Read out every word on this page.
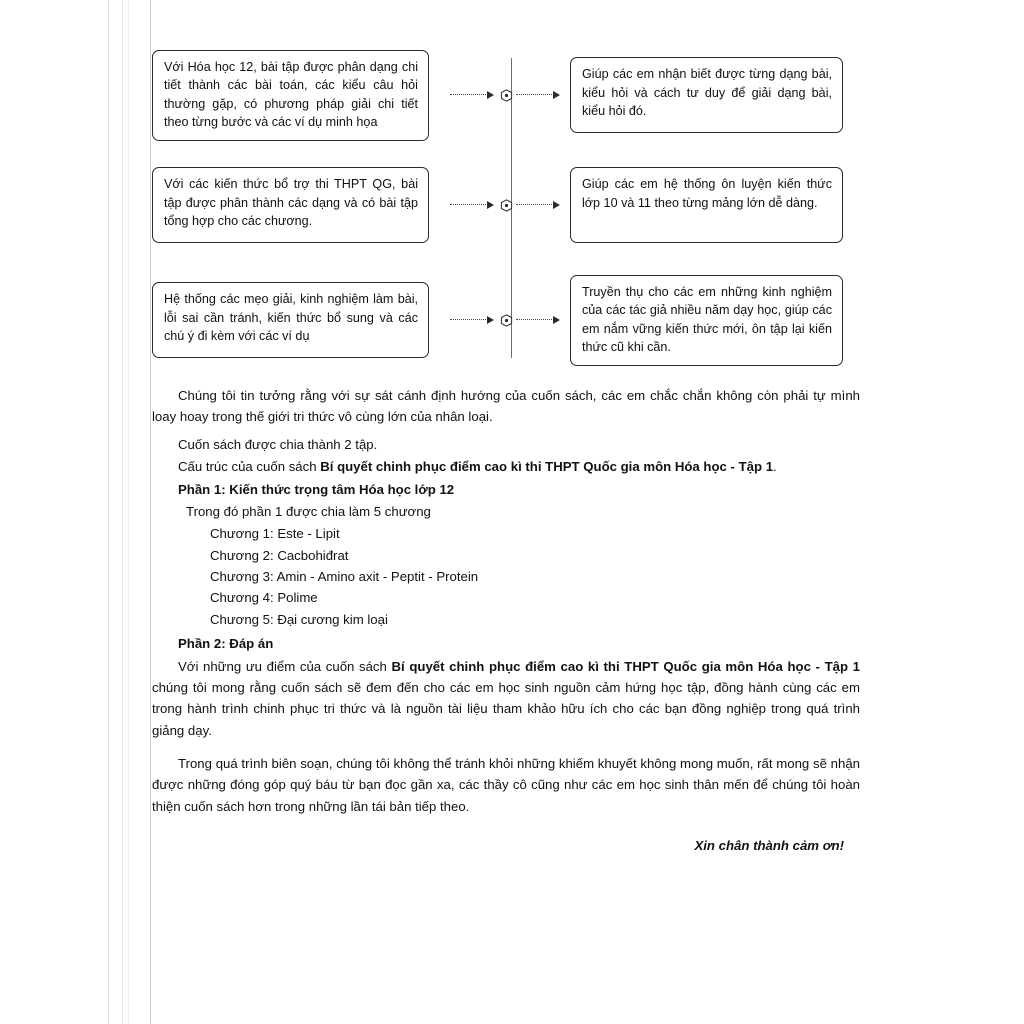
Với Hóa học 12, bài tập được phân dạng chi tiết thành các bài toán, các kiểu câu hỏi thường gặp, có phương pháp giải chi tiết theo từng bước và các ví dụ minh họa
Giúp các em nhận biết được từng dạng bài, kiểu hỏi và cách tư duy để giải dạng bài, kiểu hỏi đó.
Với các kiến thức bổ trợ thi THPT QG, bài tập được phân thành các dạng và có bài tập tổng hợp cho các chương.
Giúp các em hệ thống ôn luyện kiến thức lớp 10 và 11 theo từng mảng lớn dễ dàng.
Hệ thống các mẹo giải, kinh nghiệm làm bài, lỗi sai cần tránh, kiến thức bổ sung và các chú ý đi kèm với các ví dụ
Truyền thụ cho các em những kinh nghiệm của các tác giả nhiều năm dạy học, giúp các em nắm vững kiến thức mới, ôn tập lại kiến thức cũ khi cần.

Chúng tôi tin tưởng rằng với sự sát cánh định hướng của cuốn sách, các em chắc chắn không còn phải tự mình loay hoay trong thế giới tri thức vô cùng lớn của nhân loại.

Cuốn sách được chia thành 2 tập.

Cấu trúc của cuốn sách Bí quyết chinh phục điểm cao kì thi THPT Quốc gia môn Hóa học - Tập 1.

Phần 1: Kiến thức trọng tâm Hóa học lớp 12

Trong đó phần 1 được chia làm 5 chương

Chương 1: Este - Lipit

Chương 2: Cacbohiđrat

Chương 3: Amin - Amino axit - Peptit - Protein

Chương 4: Polime

Chương 5: Đại cương kim loại

Phần 2: Đáp án

Với những ưu điểm của cuốn sách Bí quyết chinh phục điểm cao kì thi THPT Quốc gia môn Hóa học - Tập 1 chúng tôi mong rằng cuốn sách sẽ đem đến cho các em học sinh nguồn cảm hứng học tập, đồng hành cùng các em trong hành trình chinh phục tri thức và là nguồn tài liệu tham khảo hữu ích cho các bạn đồng nghiệp trong quá trình giảng dạy.

Trong quá trình biên soạn, chúng tôi không thể tránh khỏi những khiếm khuyết không mong muốn, rất mong sẽ nhận được những đóng góp quý báu từ bạn đọc gần xa, các thầy cô cũng như các em học sinh thân mến để chúng tôi hoàn thiện cuốn sách hơn trong những lần tái bản tiếp theo.

Xin chân thành cảm ơn!
